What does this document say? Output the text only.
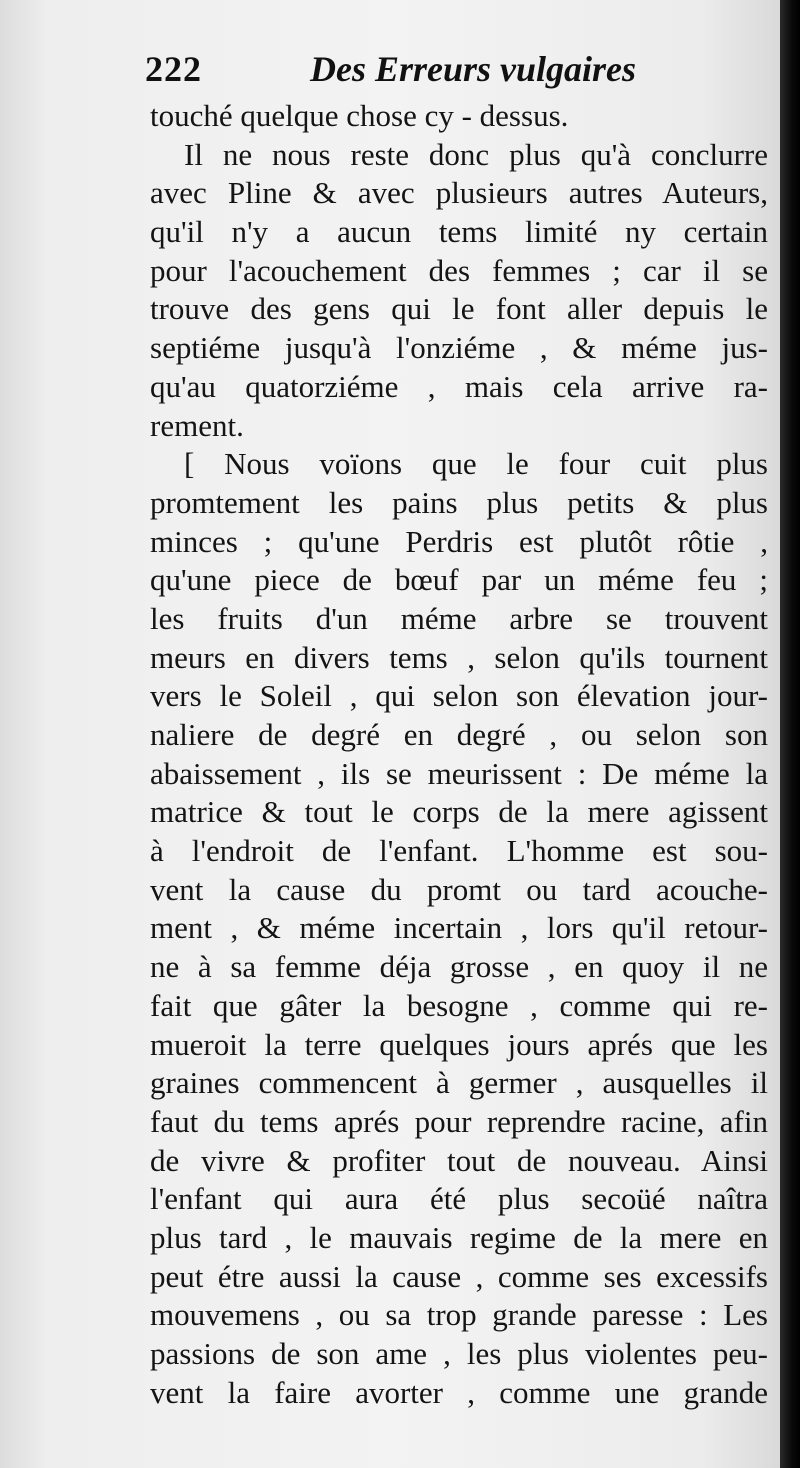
222	Des Erreurs vulgaires
touché quelque chose cy - dessus.
Il ne nous reste donc plus qu'à conclurre
avec Pline & avec plusieurs autres Auteurs,
qu'il n'y a aucun tems limité ny certain
pour l'acouchement des femmes ; car il se
trouve des gens qui le font aller depuis le
septiéme jusqu'à l'onziéme , & méme jus-
qu'au quatorziéme , mais cela arrive ra-
rement.
[ Nous voïons que le four cuit plus
promtement les pains plus petits & plus
minces ; qu'une Perdris est plutôt rôtie ,
qu'une piece de bœuf par un méme feu ;
les fruits d'un méme arbre se trouvent
meurs en divers tems , selon qu'ils tournent
vers le Soleil , qui selon son élevation jour-
naliere de degré en degré , ou selon son
abaissement , ils se meurissent : De méme la
matrice & tout le corps de la mere agissent
à l'endroit de l'enfant. L'homme est sou-
vent la cause du promt ou tard acouche-
ment , & méme incertain , lors qu'il retour-
ne à sa femme déja grosse , en quoy il ne
fait que gâter la besogne , comme qui re-
mueroit la terre quelques jours aprés que les
graines commencent à germer , ausquelles il
faut du tems aprés pour reprendre racine, afin
de vivre & profiter tout de nouveau. Ainsi
l'enfant qui aura été plus secoüé naîtra
plus tard , le mauvais regime de la mere en
peut étre aussi la cause , comme ses excessifs
mouvemens , ou sa trop grande paresse : Les
passions de son ame , les plus violentes peu-
vent la faire avorter , comme une grande
